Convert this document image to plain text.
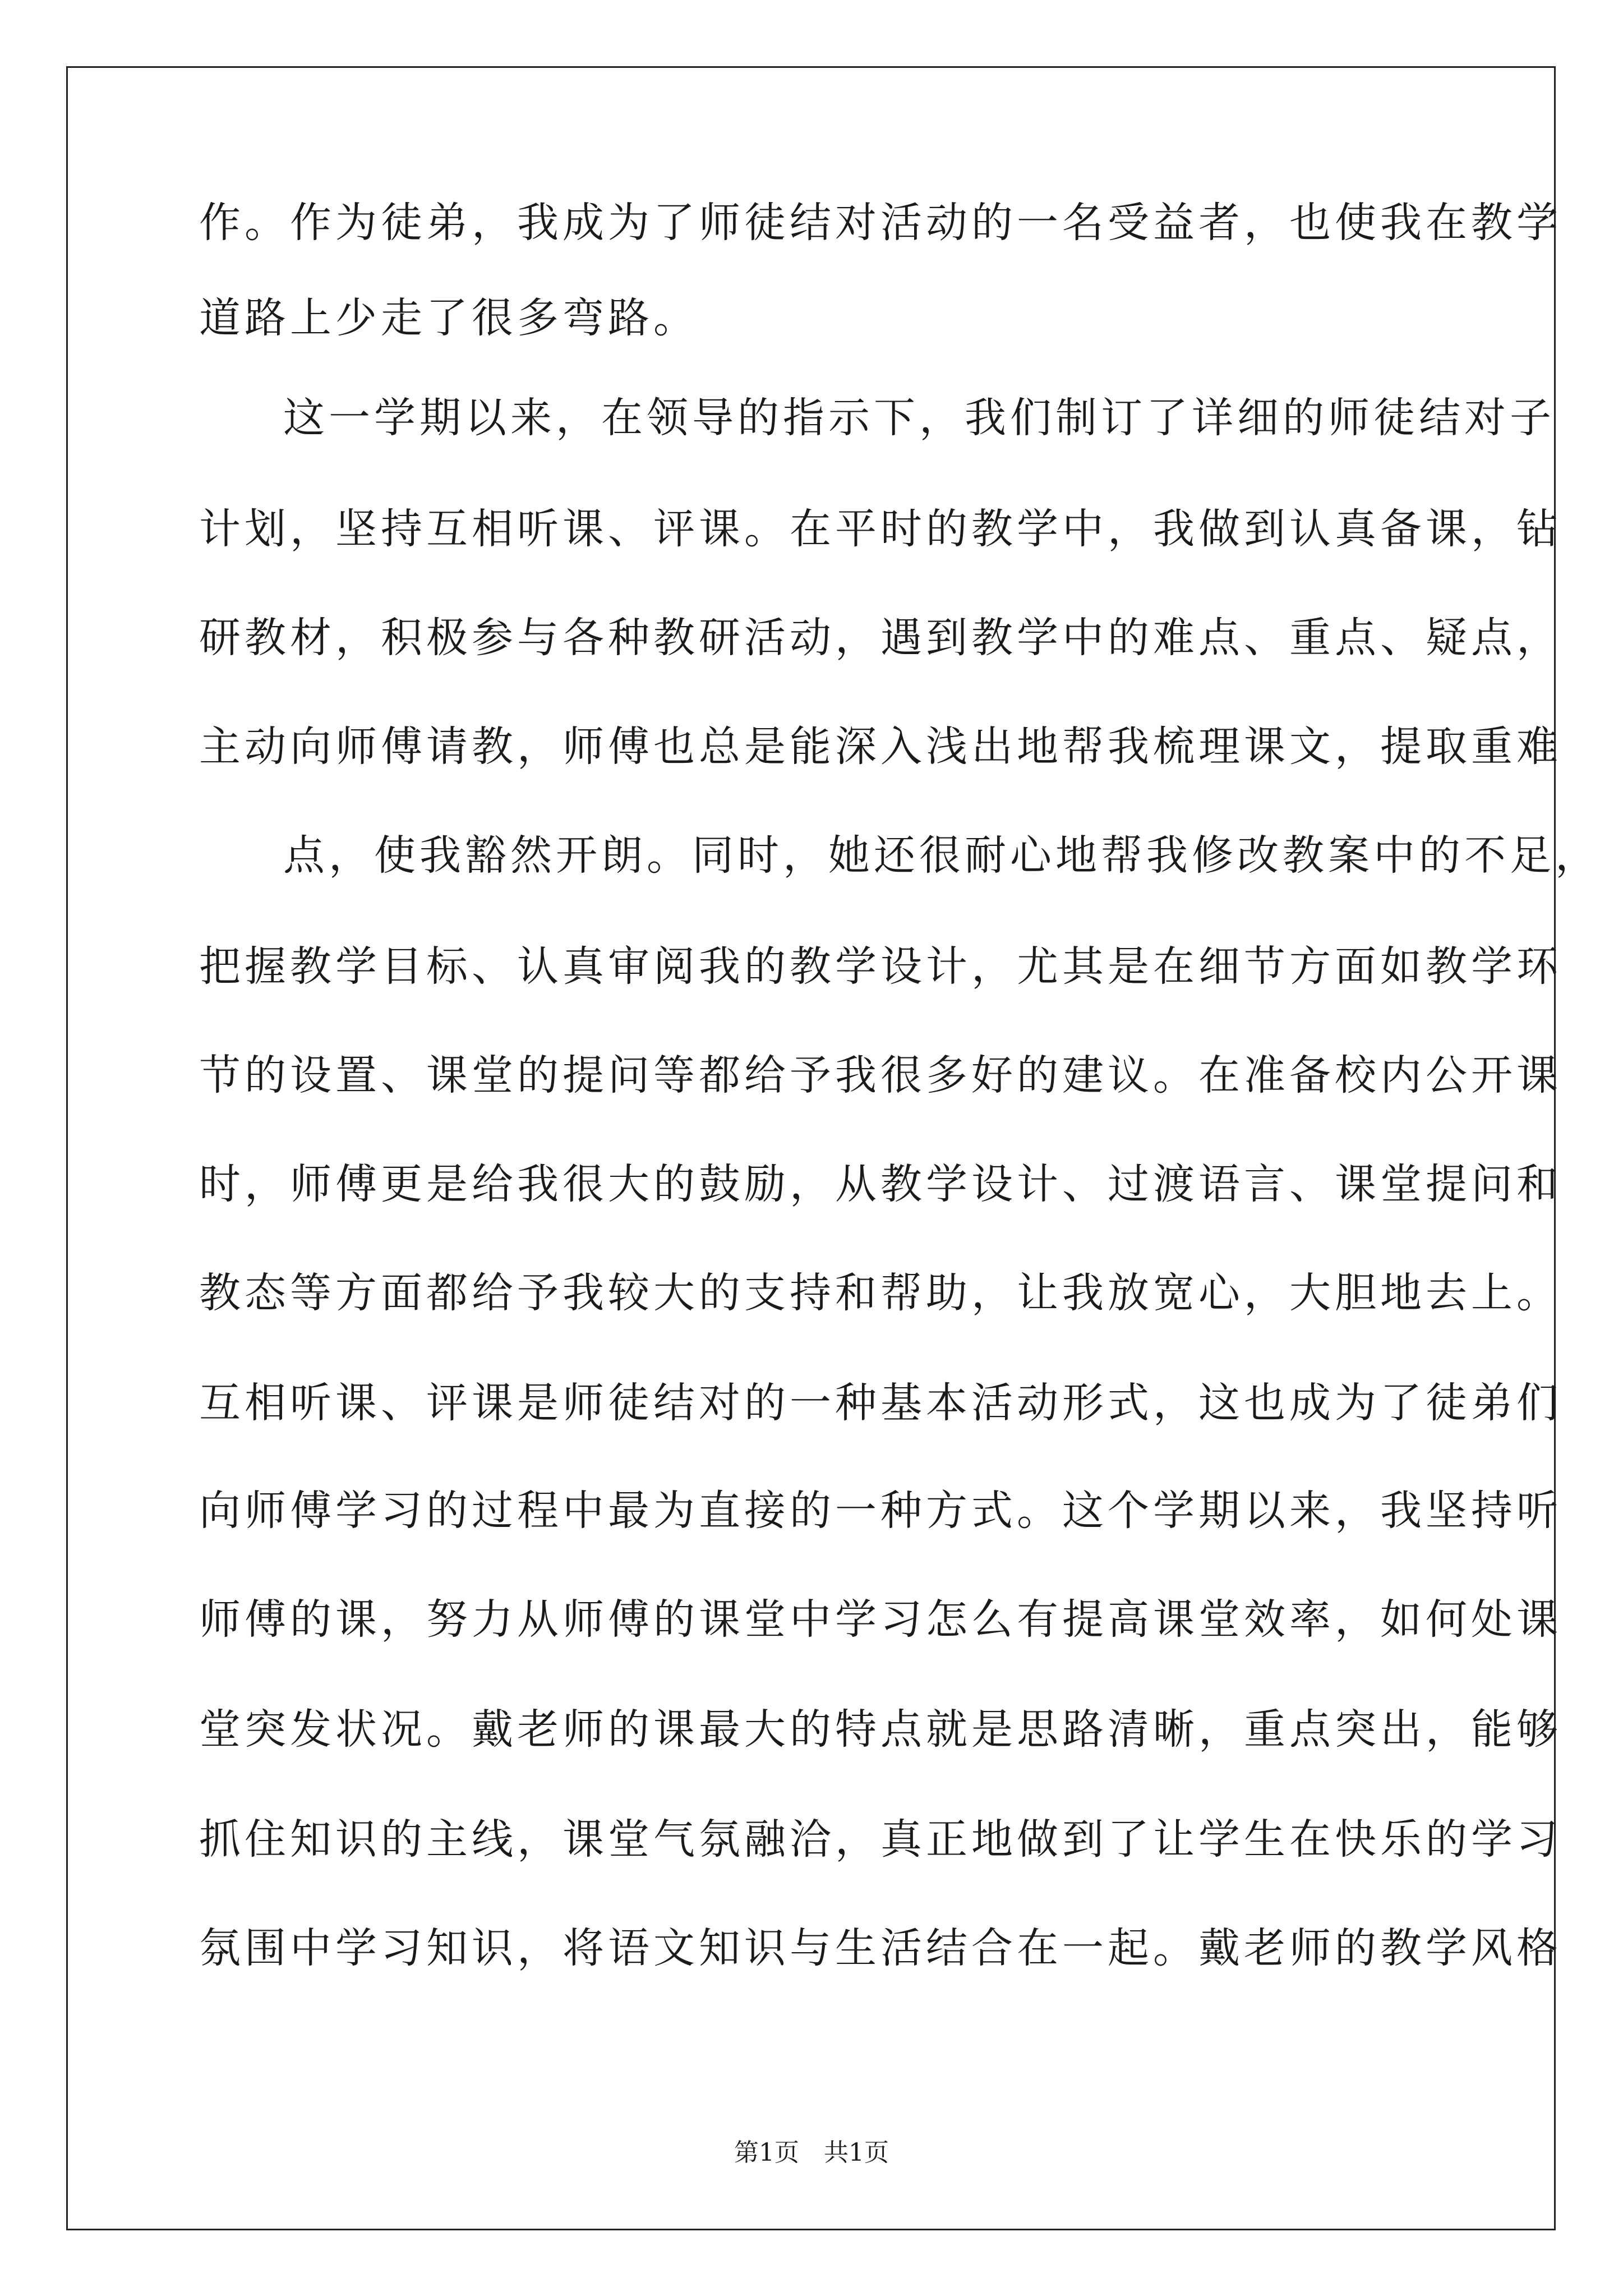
作。作为徒弟，我成为了师徒结对活动的一名受益者，也使我在教学
道路上少走了很多弯路。
这一学期以来，在领导的指示下，我们制订了详细的师徒结对子
计划，坚持互相听课、评课。在平时的教学中，我做到认真备课，钻
研教材，积极参与各种教研活动，遇到教学中的难点、重点、疑点，
主动向师傅请教，师傅也总是能深入浅出地帮我梳理课文，提取重难
点，使我豁然开朗。同时，她还很耐心地帮我修改教案中的不足，
把握教学目标、认真审阅我的教学设计，尤其是在细节方面如教学环
节的设置、课堂的提问等都给予我很多好的建议。在准备校内公开课
时，师傅更是给我很大的鼓励，从教学设计、过渡语言、课堂提问和
教态等方面都给予我较大的支持和帮助，让我放宽心，大胆地去上。
互相听课、评课是师徒结对的一种基本活动形式，这也成为了徒弟们
向师傅学习的过程中最为直接的一种方式。这个学期以来，我坚持听
师傅的课，努力从师傅的课堂中学习怎么有提高课堂效率，如何处课
堂突发状况。戴老师的课最大的特点就是思路清晰，重点突出，能够
抓住知识的主线，课堂气氛融洽，真正地做到了让学生在快乐的学习
氛围中学习知识，将语文知识与生活结合在一起。戴老师的教学风格
第1页　共1页
